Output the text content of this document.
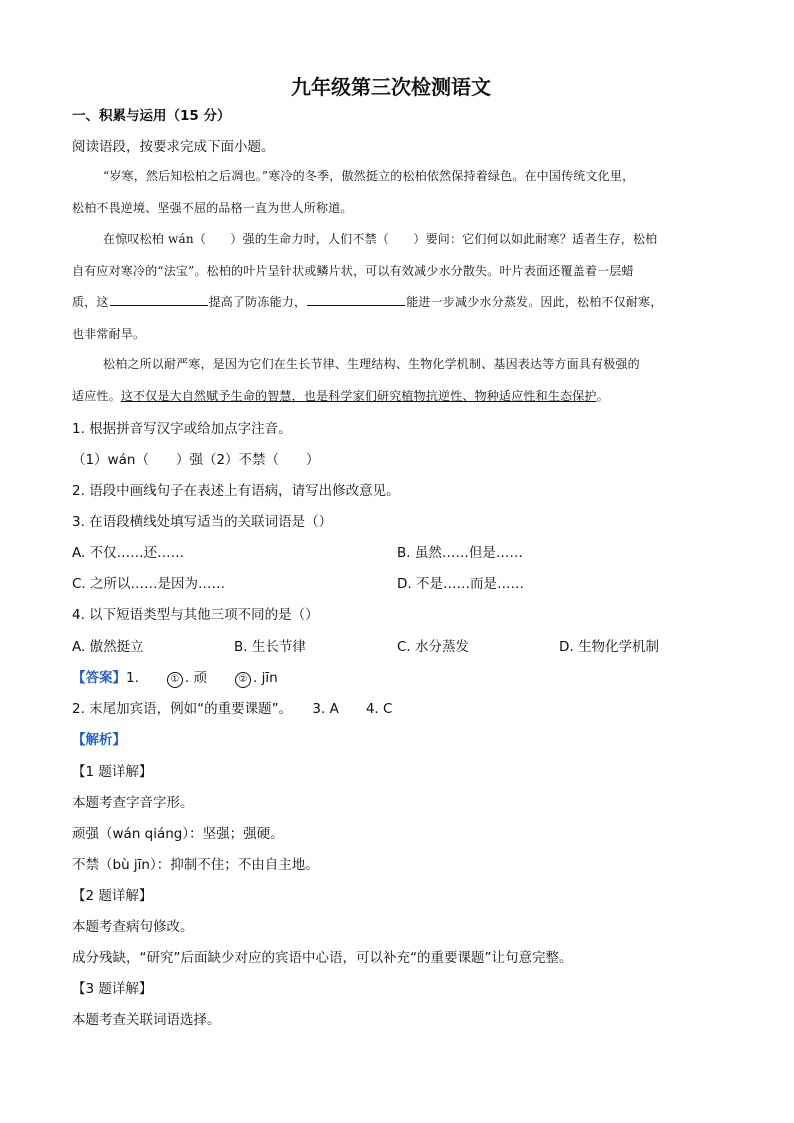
九年级第三次检测语文
一、积累与运用（15 分）
阅读语段，按要求完成下面小题。
“岁寒，然后知松柏之后凋也。”寒冷的冬季，傲然挺立的松柏依然保持着绿色。在中国传统文化里，
松柏不畏逆境、坚强不屈的品格一直为世人所称道。
在惊叹松柏 wán（　　）强的生命力时，人们不禁（　　）要问：它们何以如此耐寒？适者生存，松柏
自有应对寒冷的“法宝”。松柏的叶片呈针状或鳞片状，可以有效减少水分散失。叶片表面还覆盖着一层蜡
质，这	提高了防冻能力，	能进一步减少水分蒸发。因此，松柏不仅耐寒，
也非常耐旱。
松柏之所以耐严寒，是因为它们在生长节律、生理结构、生物化学机制、基因表达等方面具有极强的
适应性。这不仅是大自然赋予生命的智慧，也是科学家们研究植物抗逆性、物种适应性和生态保护。
1. 根据拼音写汉字或给加点字注音。
（1）wán（　　）强（2）不禁（　　）
2. 语段中画线句子在表述上有语病，请写出修改意见。
3. 在语段横线处填写适当的关联词语是（）
A. 不仅……还……	B. 虽然……但是……
C. 之所以……是因为……	D. 不是……而是……
4. 以下短语类型与其他三项不同的是（）
A. 傲然挺立	B. 生长节律	C. 水分蒸发	D. 生物化学机制
【答案】1.	① . 顽	② . jīn
2. 末尾加宾语，例如“的重要课题”。　　3. A　　4. C
【解析】
【1 题详解】
本题考查字音字形。
顽强（wán qiáng）：坚强；强硬。
不禁（bù jīn）：抑制不住；不由自主地。
【2 题详解】
本题考查病句修改。
成分残缺，“研究”后面缺少对应的宾语中心语，可以补充“的重要课题”让句意完整。
【3 题详解】
本题考查关联词语选择。
